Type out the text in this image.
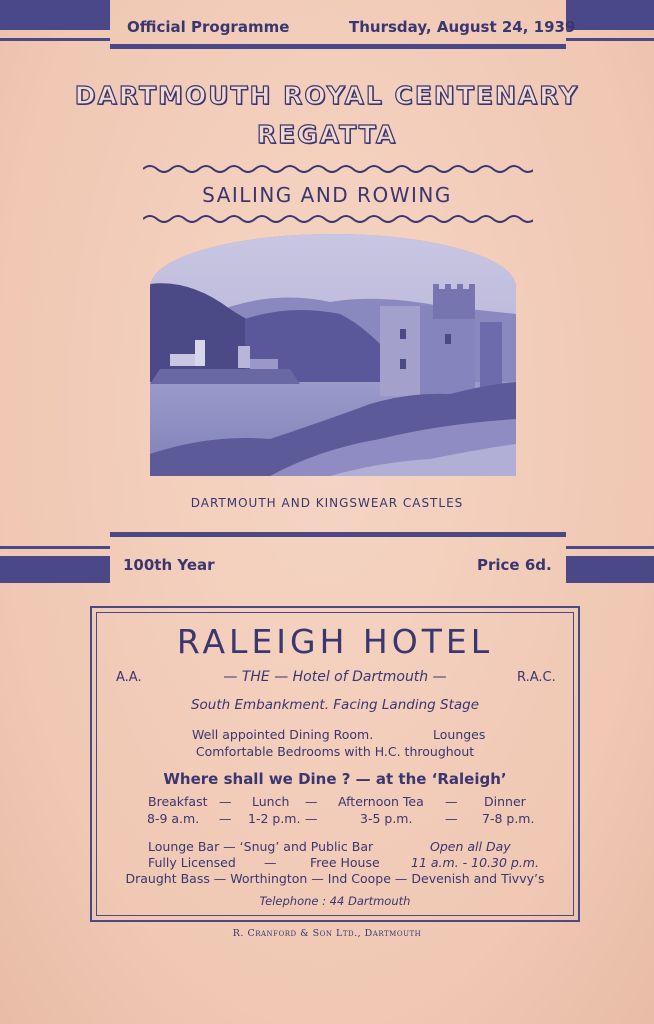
Official Programme	Thursday, August 24, 1939
DARTMOUTH ROYAL CENTENARY
REGATTA
SAILING AND ROWING
DARTMOUTH AND KINGSWEAR CASTLES
100th Year	Price 6d.
RALEIGH HOTEL
A.A.	— THE — Hotel of Dartmouth —	R.A.C.
South Embankment. Facing Landing Stage
Well appointed Dining Room.	Lounges
Comfortable Bedrooms with H.C. throughout
Where shall we Dine ? — at the ‘Raleigh’
Breakfast — Lunch — Afternoon Tea — Dinner
8-9 a.m. — 1-2 p.m. —	3-5 p.m.	— 7-8 p.m.
Lounge Bar — ‘Snug’ and Public Bar	Open all Day
Fully Licensed —	Free House	11 a.m. - 10.30 p.m.
Draught Bass — Worthington — Ind Coope — Devenish and Tivvy’s
Telephone : 44 Dartmouth
R. Cranford & Son Ltd., Dartmouth
